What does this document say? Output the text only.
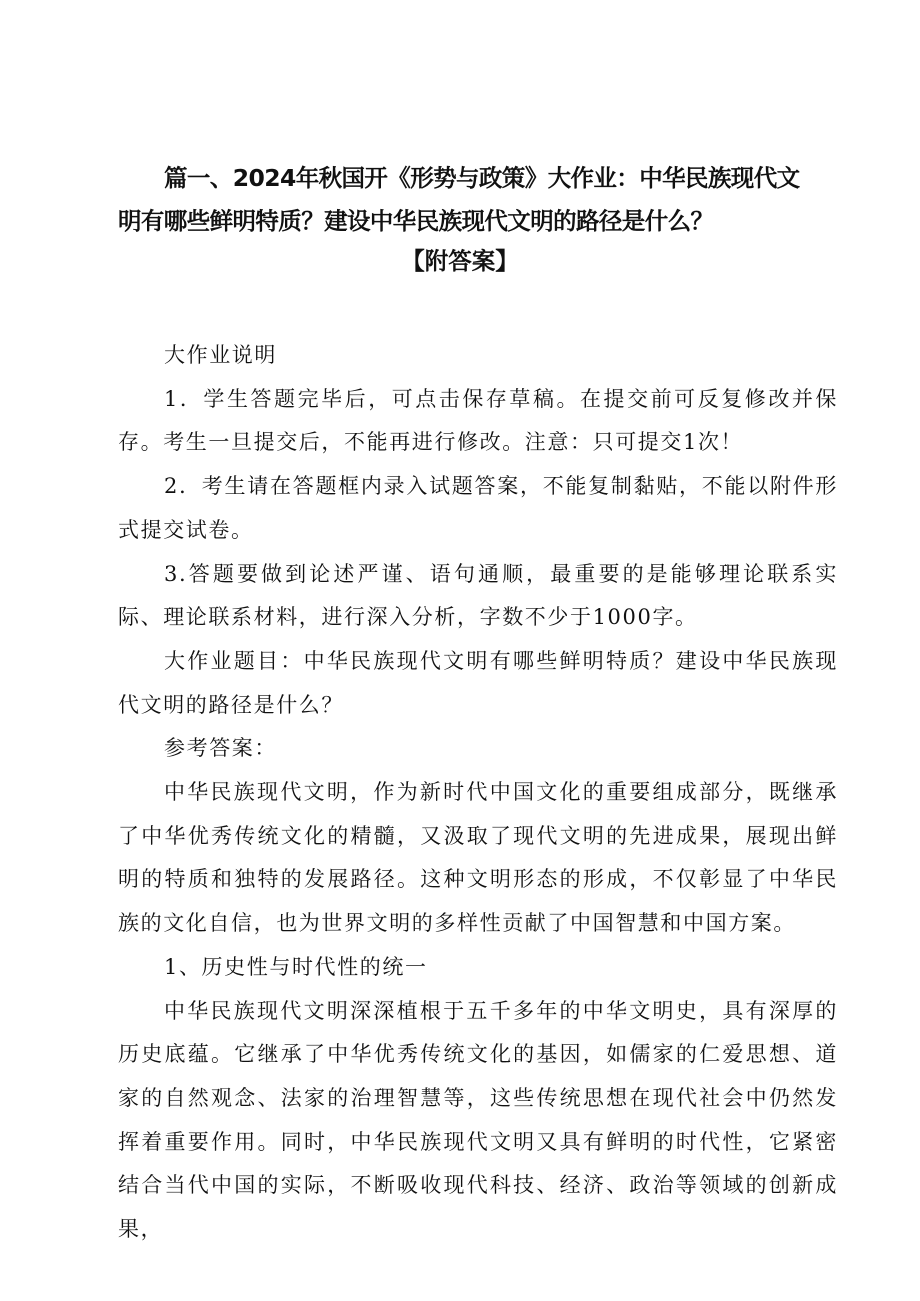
篇一、2024年秋国开《形势与政策》大作业：中华民族现代文明有哪些鲜明特质？建设中华民族现代文明的路径是什么？
【附答案】

大作业说明

1．学生答题完毕后，可点击保存草稿。在提交前可反复修改并保存。考生一旦提交后，不能再进行修改。注意：只可提交1次！

2．考生请在答题框内录入试题答案，不能复制黏贴，不能以附件形式提交试卷。

3.答题要做到论述严谨、语句通顺，最重要的是能够理论联系实际、理论联系材料，进行深入分析，字数不少于1000字。

大作业题目：中华民族现代文明有哪些鲜明特质？建设中华民族现代文明的路径是什么？

参考答案：

中华民族现代文明，作为新时代中国文化的重要组成部分，既继承了中华优秀传统文化的精髓，又汲取了现代文明的先进成果，展现出鲜明的特质和独特的发展路径。这种文明形态的形成，不仅彰显了中华民族的文化自信，也为世界文明的多样性贡献了中国智慧和中国方案。

1、历史性与时代性的统一

中华民族现代文明深深植根于五千多年的中华文明史，具有深厚的历史底蕴。它继承了中华优秀传统文化的基因，如儒家的仁爱思想、道家的自然观念、法家的治理智慧等，这些传统思想在现代社会中仍然发挥着重要作用。同时，中华民族现代文明又具有鲜明的时代性，它紧密结合当代中国的实际，不断吸收现代科技、经济、政治等领域的创新成果，
